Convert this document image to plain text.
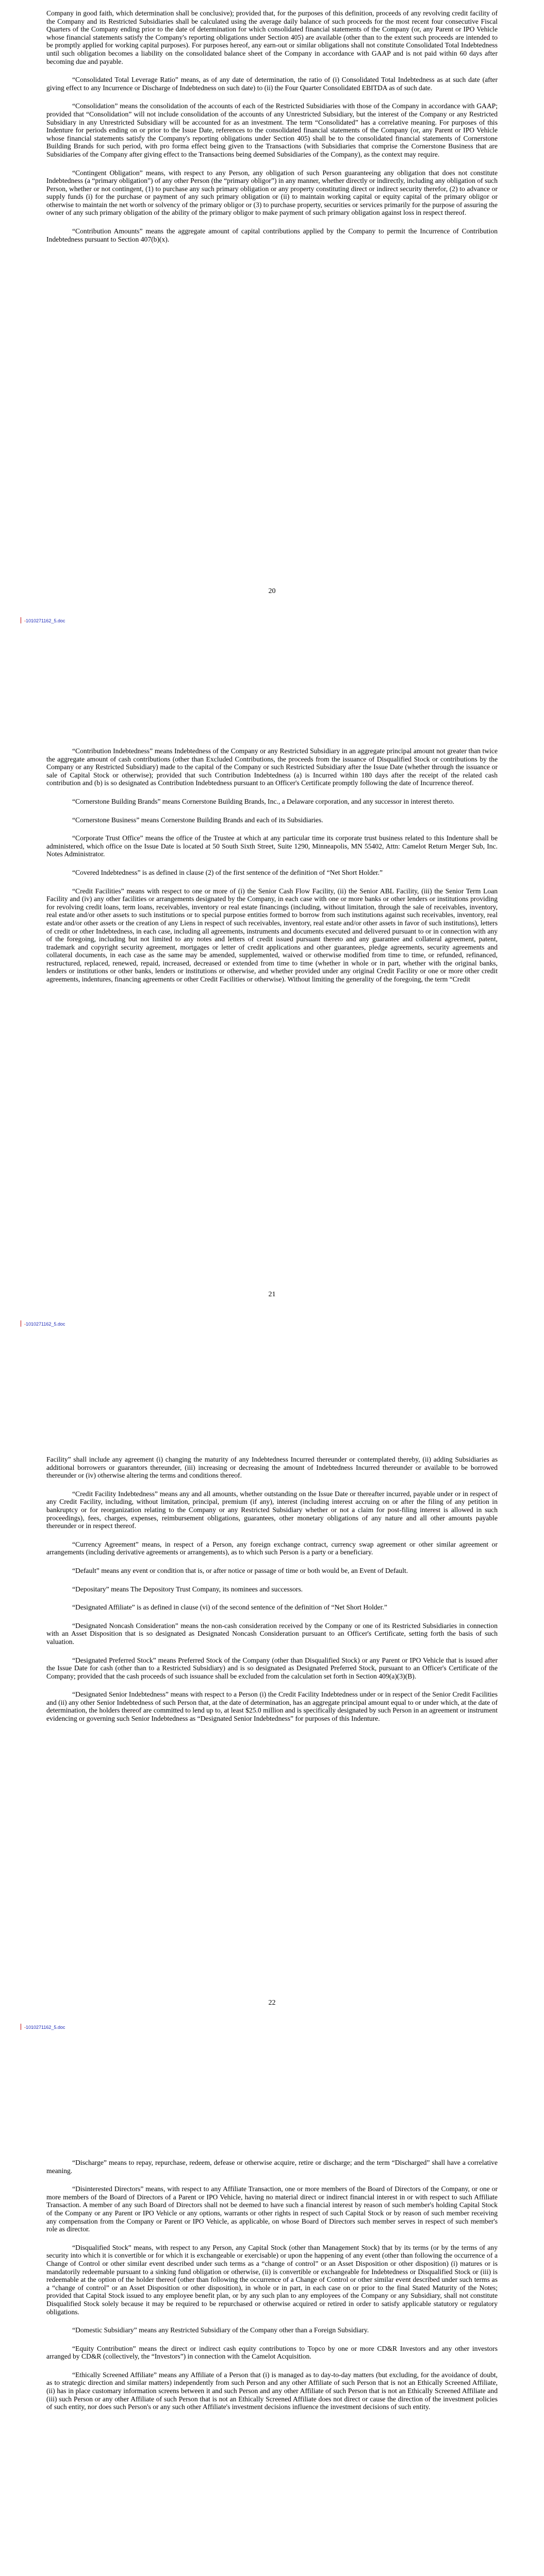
Company in good faith, which determination shall be conclusive); provided that, for the purposes of this definition, proceeds of any revolving credit facility of the Company and its Restricted Subsidiaries shall be calculated using the average daily balance of such proceeds for the most recent four consecutive Fiscal Quarters of the Company ending prior to the date of determination for which consolidated financial statements of the Company (or, any Parent or IPO Vehicle whose financial statements satisfy the Company's reporting obligations under Section 405) are available (other than to the extent such proceeds are intended to be promptly applied for working capital purposes). For purposes hereof, any earn-out or similar obligations shall not constitute Consolidated Total Indebtedness until such obligation becomes a liability on the consolidated balance sheet of the Company in accordance with GAAP and is not paid within 60 days after becoming due and payable.

“Consolidated Total Leverage Ratio” means, as of any date of determination, the ratio of (i) Consolidated Total Indebtedness as at such date (after giving effect to any Incurrence or Discharge of Indebtedness on such date) to (ii) the Four Quarter Consolidated EBITDA as of such date.

“Consolidation” means the consolidation of the accounts of each of the Restricted Subsidiaries with those of the Company in accordance with GAAP; provided that “Consolidation” will not include consolidation of the accounts of any Unrestricted Subsidiary, but the interest of the Company or any Restricted Subsidiary in any Unrestricted Subsidiary will be accounted for as an investment. The term “Consolidated” has a correlative meaning. For purposes of this Indenture for periods ending on or prior to the Issue Date, references to the consolidated financial statements of the Company (or, any Parent or IPO Vehicle whose financial statements satisfy the Company's reporting obligations under Section 405) shall be to the consolidated financial statements of Cornerstone Building Brands for such period, with pro forma effect being given to the Transactions (with Subsidiaries that comprise the Cornerstone Business that are Subsidiaries of the Company after giving effect to the Transactions being deemed Subsidiaries of the Company), as the context may require.

“Contingent Obligation” means, with respect to any Person, any obligation of such Person guaranteeing any obligation that does not constitute Indebtedness (a “primary obligation”) of any other Person (the “primary obligor”) in any manner, whether directly or indirectly, including any obligation of such Person, whether or not contingent, (1) to purchase any such primary obligation or any property constituting direct or indirect security therefor, (2) to advance or supply funds (i) for the purchase or payment of any such primary obligation or (ii) to maintain working capital or equity capital of the primary obligor or otherwise to maintain the net worth or solvency of the primary obligor or (3) to purchase property, securities or services primarily for the purpose of assuring the owner of any such primary obligation of the ability of the primary obligor to make payment of such primary obligation against loss in respect thereof.

“Contribution Amounts” means the aggregate amount of capital contributions applied by the Company to permit the Incurrence of Contribution Indebtedness pursuant to Section 407(b)(x).

20
-1010271162_5.doc

“Contribution Indebtedness” means Indebtedness of the Company or any Restricted Subsidiary in an aggregate principal amount not greater than twice the aggregate amount of cash contributions (other than Excluded Contributions, the proceeds from the issuance of Disqualified Stock or contributions by the Company or any Restricted Subsidiary) made to the capital of the Company or such Restricted Subsidiary after the Issue Date (whether through the issuance or sale of Capital Stock or otherwise); provided that such Contribution Indebtedness (a) is Incurred within 180 days after the receipt of the related cash contribution and (b) is so designated as Contribution Indebtedness pursuant to an Officer's Certificate promptly following the date of Incurrence thereof.

“Cornerstone Building Brands” means Cornerstone Building Brands, Inc., a Delaware corporation, and any successor in interest thereto.

“Cornerstone Business” means Cornerstone Building Brands and each of its Subsidiaries.

“Corporate Trust Office” means the office of the Trustee at which at any particular time its corporate trust business related to this Indenture shall be administered, which office on the Issue Date is located at 50 South Sixth Street, Suite 1290, Minneapolis, MN 55402, Attn: Camelot Return Merger Sub, Inc. Notes Administrator.

“Covered Indebtedness” is as defined in clause (2) of the first sentence of the definition of “Net Short Holder.”

“Credit Facilities” means with respect to one or more of (i) the Senior Cash Flow Facility, (ii) the Senior ABL Facility, (iii) the Senior Term Loan Facility and (iv) any other facilities or arrangements designated by the Company, in each case with one or more banks or other lenders or institutions providing for revolving credit loans, term loans, receivables, inventory or real estate financings (including, without limitation, through the sale of receivables, inventory, real estate and/or other assets to such institutions or to special purpose entities formed to borrow from such institutions against such receivables, inventory, real estate and/or other assets or the creation of any Liens in respect of such receivables, inventory, real estate and/or other assets in favor of such institutions), letters of credit or other Indebtedness, in each case, including all agreements, instruments and documents executed and delivered pursuant to or in connection with any of the foregoing, including but not limited to any notes and letters of credit issued pursuant thereto and any guarantee and collateral agreement, patent, trademark and copyright security agreement, mortgages or letter of credit applications and other guarantees, pledge agreements, security agreements and collateral documents, in each case as the same may be amended, supplemented, waived or otherwise modified from time to time, or refunded, refinanced, restructured, replaced, renewed, repaid, increased, decreased or extended from time to time (whether in whole or in part, whether with the original banks, lenders or institutions or other banks, lenders or institutions or otherwise, and whether provided under any original Credit Facility or one or more other credit agreements, indentures, financing agreements or other Credit Facilities or otherwise). Without limiting the generality of the foregoing, the term “Credit

21
-1010271162_5.doc

Facility” shall include any agreement (i) changing the maturity of any Indebtedness Incurred thereunder or contemplated thereby, (ii) adding Subsidiaries as additional borrowers or guarantors thereunder, (iii) increasing or decreasing the amount of Indebtedness Incurred thereunder or available to be borrowed thereunder or (iv) otherwise altering the terms and conditions thereof.

“Credit Facility Indebtedness” means any and all amounts, whether outstanding on the Issue Date or thereafter incurred, payable under or in respect of any Credit Facility, including, without limitation, principal, premium (if any), interest (including interest accruing on or after the filing of any petition in bankruptcy or for reorganization relating to the Company or any Restricted Subsidiary whether or not a claim for post-filing interest is allowed in such proceedings), fees, charges, expenses, reimbursement obligations, guarantees, other monetary obligations of any nature and all other amounts payable thereunder or in respect thereof.

“Currency Agreement” means, in respect of a Person, any foreign exchange contract, currency swap agreement or other similar agreement or arrangements (including derivative agreements or arrangements), as to which such Person is a party or a beneficiary.

“Default” means any event or condition that is, or after notice or passage of time or both would be, an Event of Default.

“Depositary” means The Depository Trust Company, its nominees and successors.

“Designated Affiliate” is as defined in clause (vi) of the second sentence of the definition of “Net Short Holder.”

“Designated Noncash Consideration” means the non-cash consideration received by the Company or one of its Restricted Subsidiaries in connection with an Asset Disposition that is so designated as Designated Noncash Consideration pursuant to an Officer's Certificate, setting forth the basis of such valuation.

“Designated Preferred Stock” means Preferred Stock of the Company (other than Disqualified Stock) or any Parent or IPO Vehicle that is issued after the Issue Date for cash (other than to a Restricted Subsidiary) and is so designated as Designated Preferred Stock, pursuant to an Officer's Certificate of the Company; provided that the cash proceeds of such issuance shall be excluded from the calculation set forth in Section 409(a)(3)(B).

“Designated Senior Indebtedness” means with respect to a Person (i) the Credit Facility Indebtedness under or in respect of the Senior Credit Facilities and (ii) any other Senior Indebtedness of such Person that, at the date of determination, has an aggregate principal amount equal to or under which, at the date of determination, the holders thereof are committed to lend up to, at least $25.0 million and is specifically designated by such Person in an agreement or instrument evidencing or governing such Senior Indebtedness as “Designated Senior Indebtedness” for purposes of this Indenture.

22
-1010271162_5.doc

“Discharge” means to repay, repurchase, redeem, defease or otherwise acquire, retire or discharge; and the term “Discharged” shall have a correlative meaning.

“Disinterested Directors” means, with respect to any Affiliate Transaction, one or more members of the Board of Directors of the Company, or one or more members of the Board of Directors of a Parent or IPO Vehicle, having no material direct or indirect financial interest in or with respect to such Affiliate Transaction. A member of any such Board of Directors shall not be deemed to have such a financial interest by reason of such member's holding Capital Stock of the Company or any Parent or IPO Vehicle or any options, warrants or other rights in respect of such Capital Stock or by reason of such member receiving any compensation from the Company or Parent or IPO Vehicle, as applicable, on whose Board of Directors such member serves in respect of such member's role as director.

“Disqualified Stock” means, with respect to any Person, any Capital Stock (other than Management Stock) that by its terms (or by the terms of any security into which it is convertible or for which it is exchangeable or exercisable) or upon the happening of any event (other than following the occurrence of a Change of Control or other similar event described under such terms as a “change of control” or an Asset Disposition or other disposition) (i) matures or is mandatorily redeemable pursuant to a sinking fund obligation or otherwise, (ii) is convertible or exchangeable for Indebtedness or Disqualified Stock or (iii) is redeemable at the option of the holder thereof (other than following the occurrence of a Change of Control or other similar event described under such terms as a “change of control” or an Asset Disposition or other disposition), in whole or in part, in each case on or prior to the final Stated Maturity of the Notes; provided that Capital Stock issued to any employee benefit plan, or by any such plan to any employees of the Company or any Subsidiary, shall not constitute Disqualified Stock solely because it may be required to be repurchased or otherwise acquired or retired in order to satisfy applicable statutory or regulatory obligations.

“Domestic Subsidiary” means any Restricted Subsidiary of the Company other than a Foreign Subsidiary.

“Equity Contribution” means the direct or indirect cash equity contributions to Topco by one or more CD&R Investors and any other investors arranged by CD&R (collectively, the “Investors”) in connection with the Camelot Acquisition.

“Ethically Screened Affiliate” means any Affiliate of a Person that (i) is managed as to day-to-day matters (but excluding, for the avoidance of doubt, as to strategic direction and similar matters) independently from such Person and any other Affiliate of such Person that is not an Ethically Screened Affiliate, (ii) has in place customary information screens between it and such Person and any other Affiliate of such Person that is not an Ethically Screened Affiliate and (iii) such Person or any other Affiliate of such Person that is not an Ethically Screened Affiliate does not direct or cause the direction of the investment policies of such entity, nor does such Person's or any such other Affiliate's investment decisions influence the investment decisions of such entity.
